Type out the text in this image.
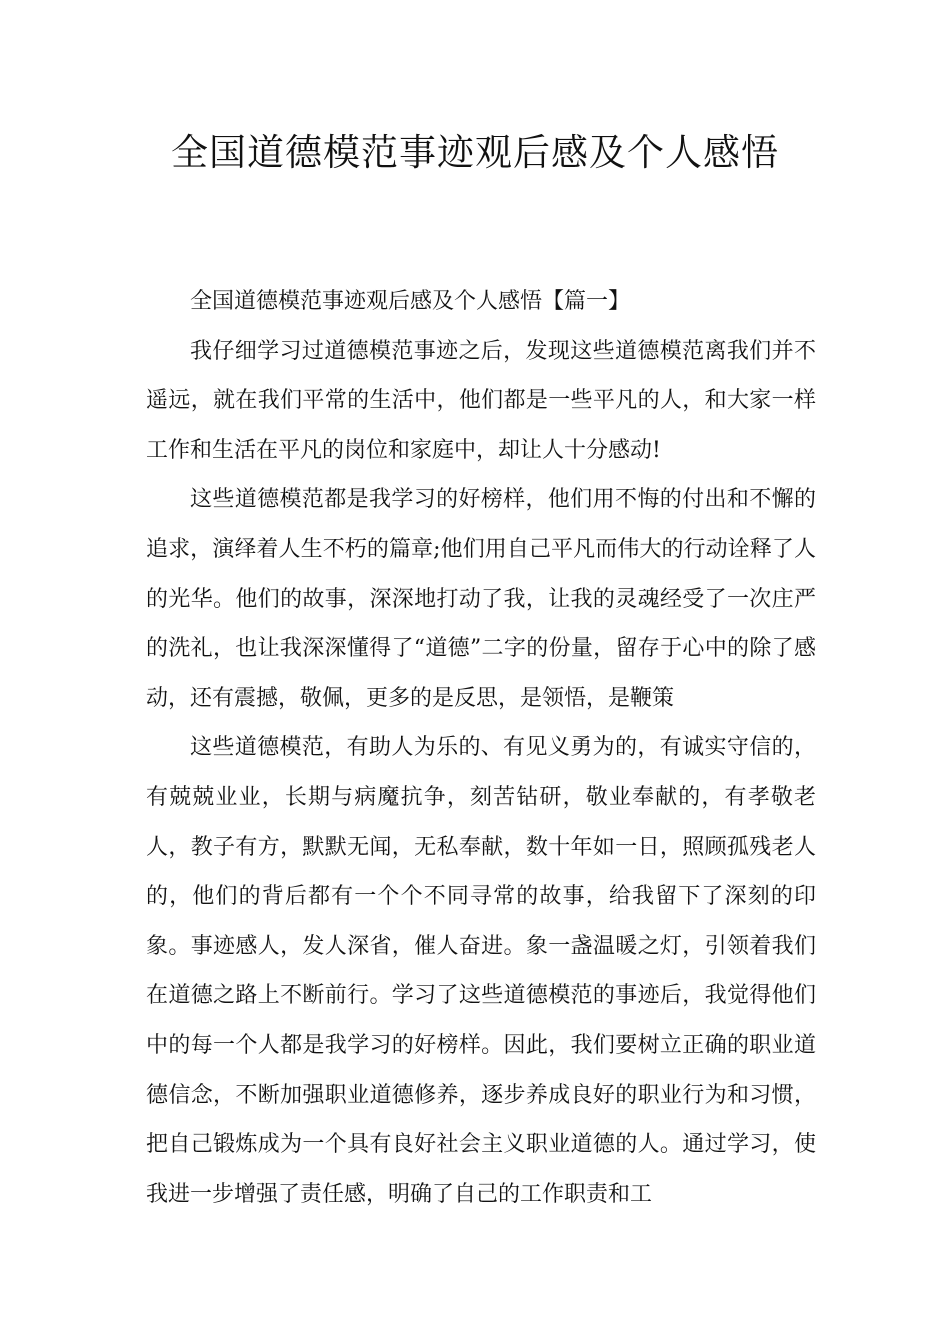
全国道德模范事迹观后感及个人感悟

全国道德模范事迹观后感及个人感悟【篇一】

我仔细学习过道德模范事迹之后，发现这些道德模范离我们并不遥远，就在我们平常的生活中，他们都是一些平凡的人，和大家一样工作和生活在平凡的岗位和家庭中，却让人十分感动!

这些道德模范都是我学习的好榜样，他们用不悔的付出和不懈的追求，演绎着人生不朽的篇章;他们用自己平凡而伟大的行动诠释了人的光华。他们的故事，深深地打动了我，让我的灵魂经受了一次庄严的洗礼，也让我深深懂得了“道德”二字的份量，留存于心中的除了感动，还有震撼，敬佩，更多的是反思，是领悟，是鞭策

这些道德模范，有助人为乐的、有见义勇为的，有诚实守信的，有兢兢业业，长期与病魔抗争，刻苦钻研，敬业奉献的，有孝敬老人，教子有方，默默无闻，无私奉献，数十年如一日，照顾孤残老人的，他们的背后都有一个个不同寻常的故事，给我留下了深刻的印象。事迹感人，发人深省，催人奋进。象一盏温暖之灯，引领着我们在道德之路上不断前行。学习了这些道德模范的事迹后，我觉得他们中的每一个人都是我学习的好榜样。因此，我们要树立正确的职业道德信念，不断加强职业道德修养，逐步养成良好的职业行为和习惯，把自己锻炼成为一个具有良好社会主义职业道德的人。通过学习，使我进一步增强了责任感，明确了自己的工作职责和工
